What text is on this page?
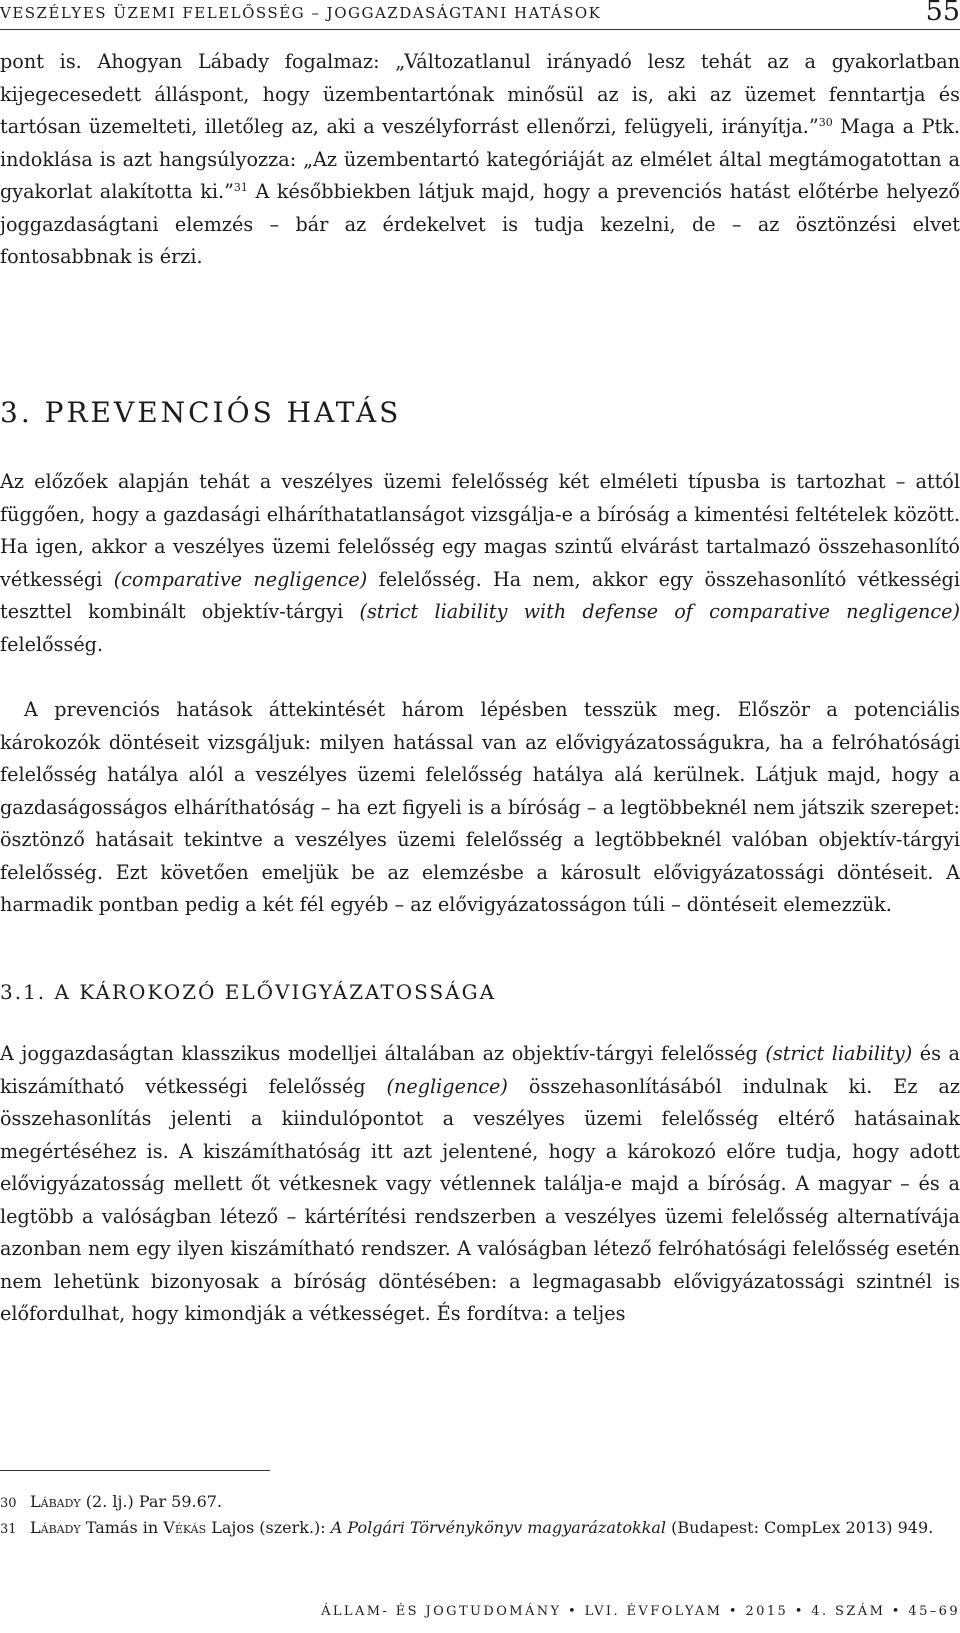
VESZÉLYES ÜZEMI FELELŐSSÉG – JOGGAZDASÁGTANI HATÁSOK	55

pont is. Ahogyan Lábady fogalmaz: „Változatlanul irányadó lesz tehát az a gyakorlatban kijegecesedett álláspont, hogy üzembentartónak minősül az is, aki az üzemet fenntartja és tartósan üzemelteti, illetőleg az, aki a veszélyforrást ellenőrzi, felügyeli, irányítja.”$^{30}$ Maga a Ptk. indoklása is azt hangsúlyozza: „Az üzembentartó kategóriáját az elmélet által megtámogatottan a gyakorlat alakította ki.”$^{31}$ A későbbiekben látjuk majd, hogy a prevenciós hatást előtérbe helyező joggazdaságtani elemzés – bár az érdekelvet is tudja kezelni, de – az ösztönzési elvet fontosabbnak is érzi.

3. PREVENCIÓS HATÁS

Az előzőek alapján tehát a veszélyes üzemi felelősség két elméleti típusba is tartozhat – attól függően, hogy a gazdasági elháríthatatlanságot vizsgálja-e a bíróság a kimentési feltételek között. Ha igen, akkor a veszélyes üzemi felelősség egy magas szintű elvárást tartalmazó összehasonlító vétkességi (comparative negligence) felelősség. Ha nem, akkor egy összehasonlító vétkességi teszttel kombinált objektív-tárgyi (strict liability with defense of comparative negligence) felelősség.

A prevenciós hatások áttekintését három lépésben tesszük meg. Először a potenciális károkozók döntéseit vizsgáljuk: milyen hatással van az elővigyázatosságukra, ha a felróhatósági felelősség hatálya alól a veszélyes üzemi felelősség hatálya alá kerülnek. Látjuk majd, hogy a gazdaságosságos elháríthatóság – ha ezt figyeli is a bíróság – a legtöbbeknél nem játszik szerepet: ösztönző hatásait tekintve a veszélyes üzemi felelősség a legtöbbeknél valóban objektív-tárgyi felelősség. Ezt követően emeljük be az elemzésbe a károsult elővigyázatossági döntéseit. A harmadik pontban pedig a két fél egyéb – az elővigyázatosságon túli – döntéseit elemezzük.

3.1. A KÁROKOZÓ ELŐVIGYÁZATOSSÁGA

A joggazdaságtan klasszikus modelljei általában az objektív-tárgyi felelősség (strict liability) és a kiszámítható vétkességi felelősség (negligence) összehasonlításából indulnak ki. Ez az összehasonlítás jelenti a kiindulópontot a veszélyes üzemi felelősség eltérő hatásainak megértéséhez is. A kiszámíthatóság itt azt jelentené, hogy a károkozó előre tudja, hogy adott elővigyázatosság mellett őt vétkesnek vagy vétlennek találja-e majd a bíróság. A magyar – és a legtöbb a valóságban létező – kártérítési rendszerben a veszélyes üzemi felelősség alternatívája azonban nem egy ilyen kiszámítható rendszer. A valóságban létező felróhatósági felelősség esetén nem lehetünk bizonyosak a bíróság döntésében: a legmagasabb elővigyázatossági szintnél is előfordulhat, hogy kimondják a vétkességet. És fordítva: a teljes

30 Lábady (2. lj.) Par 59.67.
31 Lábady Tamás in Vékás Lajos (szerk.): A Polgári Törvénykönyv magyarázatokkal (Budapest: CompLex 2013) 949.
ÁLLAM- ÉS JOGTUDOMÁNY • LVI. ÉVFOLYAM • 2015 • 4. SZÁM • 45–69
